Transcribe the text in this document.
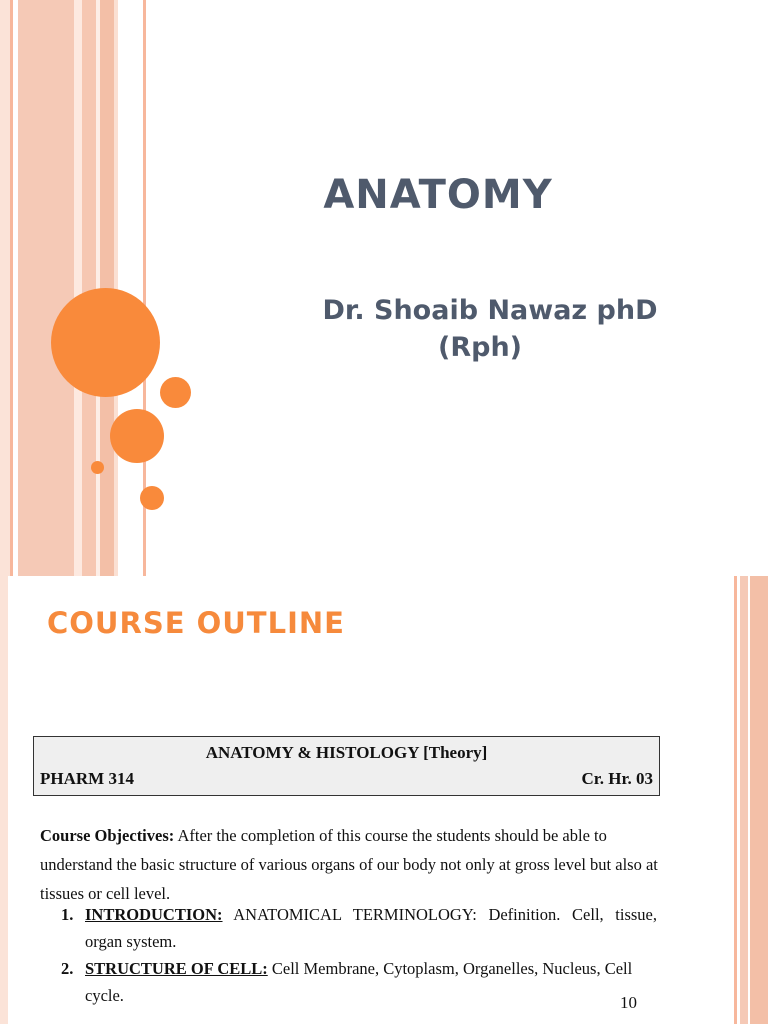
ANATOMY
Dr. Shoaib Nawaz phD
(Rph)
COURSE OUTLINE
ANATOMY & HISTOLOGY [Theory]
PHARM 314	Cr. Hr. 03
Course Objectives: After the completion of this course the students should be able to understand the basic structure of various organs of our body not only at gross level but also at tissues or cell level.
1. INTRODUCTION: ANATOMICAL TERMINOLOGY: Definition. Cell, tissue, organ system.
2. STRUCTURE OF CELL: Cell Membrane, Cytoplasm, Organelles, Nucleus, Cell cycle.	10
